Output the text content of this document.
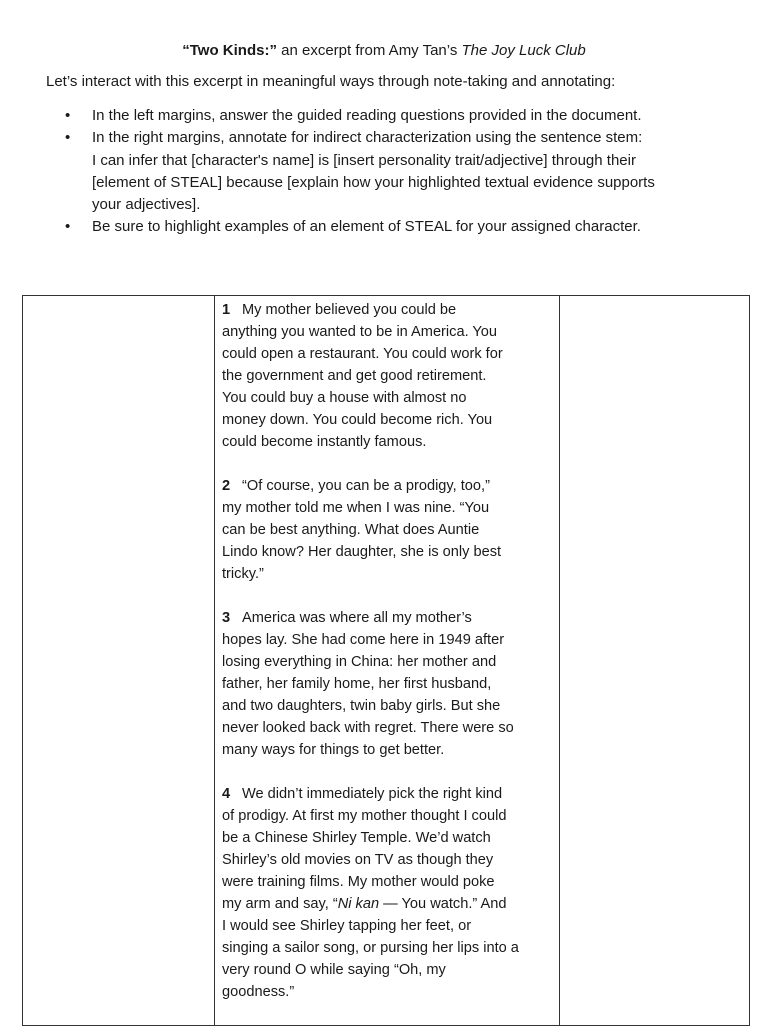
“Two Kinds:” an excerpt from Amy Tan’s The Joy Luck Club
Let’s interact with this excerpt in meaningful ways through note-taking and annotating:
• In the left margins, answer the guided reading questions provided in the document.
• In the right margins, annotate for indirect characterization using the sentence stem:
I can infer that [character's name] is [insert personality trait/adjective] through their
[element of STEAL] because [explain how your highlighted textual evidence supports
your adjectives].
• Be sure to highlight examples of an element of STEAL for your assigned character.

1 My mother believed you could be
anything you wanted to be in America. You
could open a restaurant. You could work for
the government and get good retirement.
You could buy a house with almost no
money down. You could become rich. You
could become instantly famous.
2 “Of course, you can be a prodigy, too,”
my mother told me when I was nine. “You
can be best anything. What does Auntie
Lindo know? Her daughter, she is only best
tricky.”
3 America was where all my mother’s
hopes lay. She had come here in 1949 after
losing everything in China: her mother and
father, her family home, her first husband,
and two daughters, twin baby girls. But she
never looked back with regret. There were so
many ways for things to get better.
4 We didn’t immediately pick the right kind
of prodigy. At first my mother thought I could
be a Chinese Shirley Temple. We’d watch
Shirley’s old movies on TV as though they
were training films. My mother would poke
my arm and say, “Ni kan — You watch.” And
I would see Shirley tapping her feet, or
singing a sailor song, or pursing her lips into a
very round O while saying “Oh, my
goodness.”
